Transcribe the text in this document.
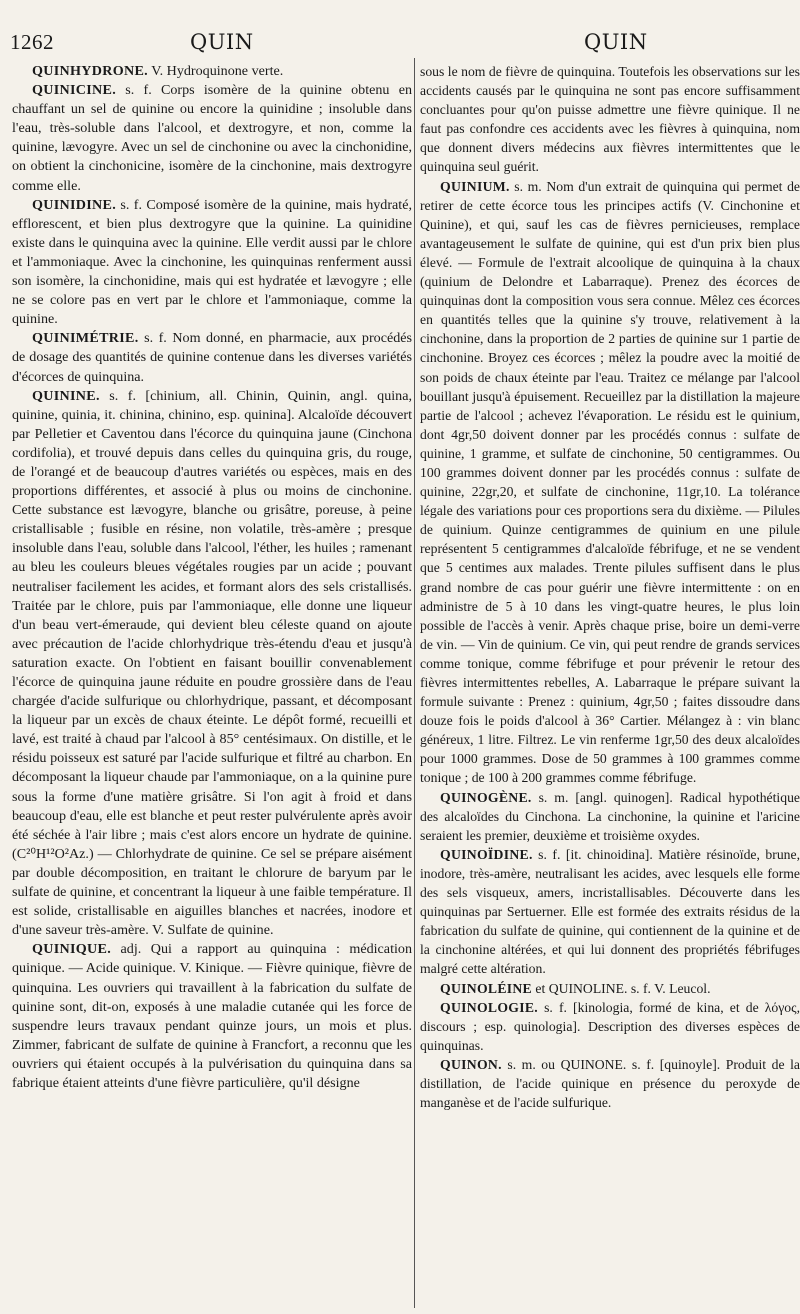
1262	QUIN	QUIN

QUINHYDRONE. V. Hydroquinone verte.

QUINICINE. s. f. Corps isomère de la quinine obtenu en chauffant un sel de quinine ou encore la quinidine ; insoluble dans l'eau, très-soluble dans l'alcool, et dextrogyre, et non, comme la quinine, lævogyre. Avec un sel de cinchonine ou avec la cinchonidine, on obtient la cinchonicine, isomère de la cinchonine, mais dextrogyre comme elle.

QUINIDINE. s. f. Composé isomère de la quinine, mais hydraté, efflorescent, et bien plus dextrogyre que la quinine. La quinidine existe dans le quinquina avec la quinine. Elle verdit aussi par le chlore et l'ammoniaque. Avec la cinchonine, les quinquinas renferment aussi son isomère, la cinchonidine, mais qui est hydratée et lævogyre ; elle ne se colore pas en vert par le chlore et l'ammoniaque, comme la quinine.

QUINIMÉTRIE. s. f. Nom donné, en pharmacie, aux procédés de dosage des quantités de quinine contenue dans les diverses variétés d'écorces de quinquina.

QUININE. s. f. [chinium, all. Chinin, Quinin, angl. quina, quinine, quinia, it. chinina, chinino, esp. quinina]. Alcaloïde découvert par Pelletier et Caventou dans l'écorce du quinquina jaune (Cinchona cordifolia), et trouvé depuis dans celles du quinquina gris, du rouge, de l'orangé et de beaucoup d'autres variétés ou espèces, mais en des proportions différentes, et associé à plus ou moins de cinchonine. Cette substance est lævogyre, blanche ou grisâtre, poreuse, à peine cristallisable ; fusible en résine, non volatile, très-amère ; presque insoluble dans l'eau, soluble dans l'alcool, l'éther, les huiles ; ramenant au bleu les couleurs bleues végétales rougies par un acide ; pouvant neutraliser facilement les acides, et formant alors des sels cristallisés. Traitée par le chlore, puis par l'ammoniaque, elle donne une liqueur d'un beau vert-émeraude, qui devient bleu céleste quand on ajoute avec précaution de l'acide chlorhydrique très-étendu d'eau et jusqu'à saturation exacte. On l'obtient en faisant bouillir convenablement l'écorce de quinquina jaune réduite en poudre grossière dans de l'eau chargée d'acide sulfurique ou chlorhydrique, passant, et décomposant la liqueur par un excès de chaux éteinte. Le dépôt formé, recueilli et lavé, est traité à chaud par l'alcool à 85° centésimaux. On distille, et le résidu poisseux est saturé par l'acide sulfurique et filtré au charbon. En décomposant la liqueur chaude par l'ammoniaque, on a la quinine pure sous la forme d'une matière grisâtre. Si l'on agit à froid et dans beaucoup d'eau, elle est blanche et peut rester pulvérulente après avoir été séchée à l'air libre ; mais c'est alors encore un hydrate de quinine. (C²⁰H¹²O²Az.) — Chlorhydrate de quinine. Ce sel se prépare aisément par double décomposition, en traitant le chlorure de baryum par le sulfate de quinine, et concentrant la liqueur à une faible température. Il est solide, cristallisable en aiguilles blanches et nacrées, inodore et d'une saveur très-amère. V. Sulfate de quinine.

QUINIQUE. adj. Qui a rapport au quinquina : médication quinique. — Acide quinique. V. Kinique. — Fièvre quinique, fièvre de quinquina. Les ouvriers qui travaillent à la fabrication du sulfate de quinine sont, dit-on, exposés à une maladie cutanée qui les force de suspendre leurs travaux pendant quinze jours, un mois et plus. Zimmer, fabricant de sulfate de quinine à Francfort, a reconnu que les ouvriers qui étaient occupés à la pulvérisation du quinquina dans sa fabrique étaient atteints d'une fièvre particulière, qu'il désigne

sous le nom de fièvre de quinquina. Toutefois les observations sur les accidents causés par le quinquina ne sont pas encore suffisamment concluantes pour qu'on puisse admettre une fièvre quinique. Il ne faut pas confondre ces accidents avec les fièvres à quinquina, nom que donnent divers médecins aux fièvres intermittentes que le quinquina seul guérit.

QUINIUM. s. m. Nom d'un extrait de quinquina qui permet de retirer de cette écorce tous les principes actifs (V. Cinchonine et Quinine), et qui, sauf les cas de fièvres pernicieuses, remplace avantageusement le sulfate de quinine, qui est d'un prix bien plus élevé. — Formule de l'extrait alcoolique de quinquina à la chaux (quinium de Delondre et Labarraque). Prenez des écorces de quinquinas dont la composition vous sera connue. Mêlez ces écorces en quantités telles que la quinine s'y trouve, relativement à la cinchonine, dans la proportion de 2 parties de quinine sur 1 partie de cinchonine. Broyez ces écorces ; mêlez la poudre avec la moitié de son poids de chaux éteinte par l'eau. Traitez ce mélange par l'alcool bouillant jusqu'à épuisement. Recueillez par la distillation la majeure partie de l'alcool ; achevez l'évaporation. Le résidu est le quinium, dont 4gr,50 doivent donner par les procédés connus : sulfate de quinine, 1 gramme, et sulfate de cinchonine, 50 centigrammes. Ou 100 grammes doivent donner par les procédés connus : sulfate de quinine, 22gr,20, et sulfate de cinchonine, 11gr,10. La tolérance légale des variations pour ces proportions sera du dixième. — Pilules de quinium. Quinze centigrammes de quinium en une pilule représentent 5 centigrammes d'alcaloïde fébrifuge, et ne se vendent que 5 centimes aux malades. Trente pilules suffisent dans le plus grand nombre de cas pour guérir une fièvre intermittente : on en administre de 5 à 10 dans les vingt-quatre heures, le plus loin possible de l'accès à venir. Après chaque prise, boire un demi-verre de vin. — Vin de quinium. Ce vin, qui peut rendre de grands services comme tonique, comme fébrifuge et pour prévenir le retour des fièvres intermittentes rebelles, A. Labarraque le prépare suivant la formule suivante : Prenez : quinium, 4gr,50 ; faites dissoudre dans douze fois le poids d'alcool à 36° Cartier. Mélangez à : vin blanc généreux, 1 litre. Filtrez. Le vin renferme 1gr,50 des deux alcaloïdes pour 1000 grammes. Dose de 50 grammes à 100 grammes comme tonique ; de 100 à 200 grammes comme fébrifuge.

QUINOGÈNE. s. m. [angl. quinogen]. Radical hypothétique des alcaloïdes du Cinchona. La cinchonine, la quinine et l'aricine seraient les premier, deuxième et troisième oxydes.

QUINOÏDINE. s. f. [it. chinoidina]. Matière résinoïde, brune, inodore, très-amère, neutralisant les acides, avec lesquels elle forme des sels visqueux, amers, incristallisables. Découverte dans les quinquinas par Sertuerner. Elle est formée des extraits résidus de la fabrication du sulfate de quinine, qui contiennent de la quinine et de la cinchonine altérées, et qui lui donnent des propriétés fébrifuges malgré cette altération.

QUINOLÉINE et QUINOLINE. s. f. V. Leucol.

QUINOLOGIE. s. f. [kinologia, formé de kina, et de λόγος, discours ; esp. quinologia]. Description des diverses espèces de quinquinas.

QUINON. s. m. ou QUINONE. s. f. [quinoyle]. Produit de la distillation, de l'acide quinique en présence du peroxyde de manganèse et de l'acide sulfurique.
